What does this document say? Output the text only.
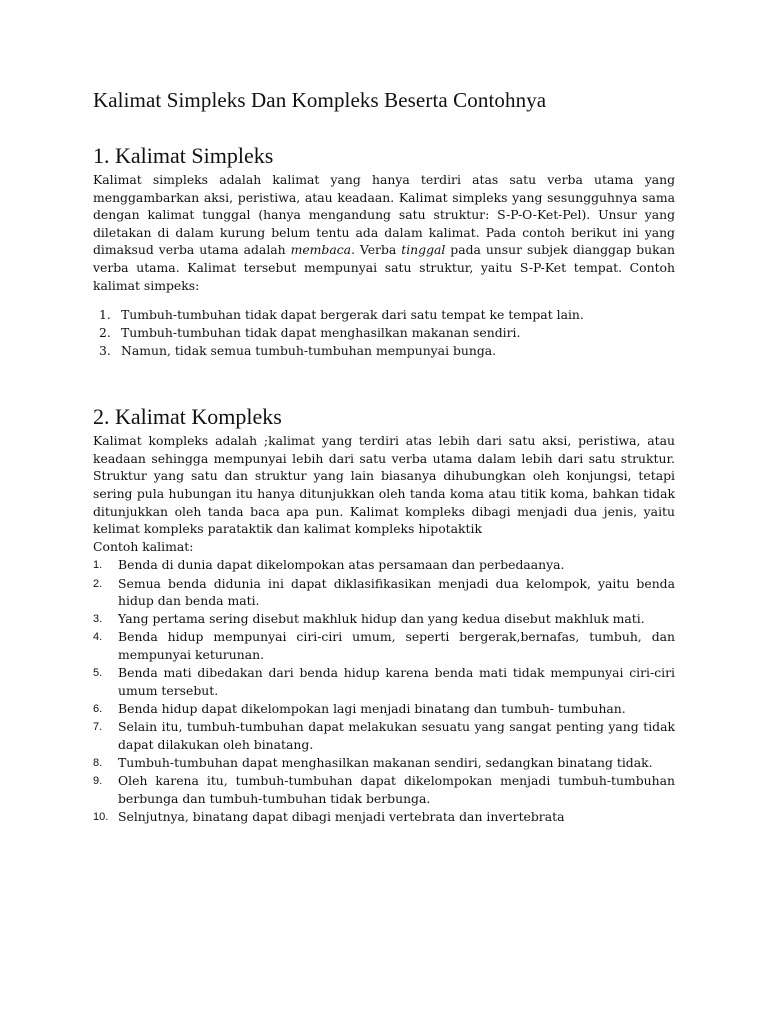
Kalimat Simpleks Dan Kompleks Beserta Contohnya
1. Kalimat Simpleks

Kalimat simpleks adalah kalimat yang hanya terdiri atas satu verba utama yang menggambarkan aksi, peristiwa, atau keadaan. Kalimat simpleks yang sesungguhnya sama dengan kalimat tunggal (hanya mengandung satu struktur: S-P-O-Ket-Pel). Unsur yang diletakan di dalam kurung belum tentu ada dalam kalimat. Pada contoh berikut ini yang dimaksud verba utama adalah membaca. Verba tinggal pada unsur subjek dianggap bukan verba utama. Kalimat tersebut mempunyai satu struktur, yaitu S-P-Ket tempat. Contoh kalimat simpeks:

1. Tumbuh-tumbuhan tidak dapat bergerak dari satu tempat ke tempat lain.
2. Tumbuh-tumbuhan tidak dapat menghasilkan makanan sendiri.
3. Namun, tidak semua tumbuh-tumbuhan mempunyai bunga.
2. Kalimat Kompleks

Kalimat kompleks adalah ;kalimat yang terdiri atas lebih dari satu aksi, peristiwa, atau keadaan sehingga mempunyai lebih dari satu verba utama dalam lebih dari satu struktur. Struktur yang satu dan struktur yang lain biasanya dihubungkan oleh konjungsi, tetapi sering pula hubungan itu hanya ditunjukkan oleh tanda koma atau titik koma, bahkan tidak ditunjukkan oleh tanda baca apa pun. Kalimat kompleks dibagi menjadi dua jenis, yaitu kelimat kompleks parataktik dan kalimat kompleks hipotaktik

Contoh kalimat:

1. Benda di dunia dapat dikelompokan atas persamaan dan perbedaanya.
2. Semua benda didunia ini dapat diklasifikasikan menjadi dua kelompok, yaitu benda hidup dan benda mati.
3. Yang pertama sering disebut makhluk hidup dan yang kedua disebut makhluk mati.
4. Benda hidup mempunyai ciri-ciri umum, seperti bergerak,bernafas, tumbuh, dan mempunyai keturunan.
5. Benda mati dibedakan dari benda hidup karena benda mati tidak mempunyai ciri-ciri umum tersebut.
6. Benda hidup dapat dikelompokan lagi menjadi binatang dan tumbuh- tumbuhan.
7. Selain itu, tumbuh-tumbuhan dapat melakukan sesuatu yang sangat penting yang tidak dapat dilakukan oleh binatang.
8. Tumbuh-tumbuhan dapat menghasilkan makanan sendiri, sedangkan binatang tidak.
9. Oleh karena itu, tumbuh-tumbuhan dapat dikelompokan menjadi tumbuh-tumbuhan berbunga dan tumbuh-tumbuhan tidak berbunga.
10. Selnjutnya, binatang dapat dibagi menjadi vertebrata dan invertebrata
